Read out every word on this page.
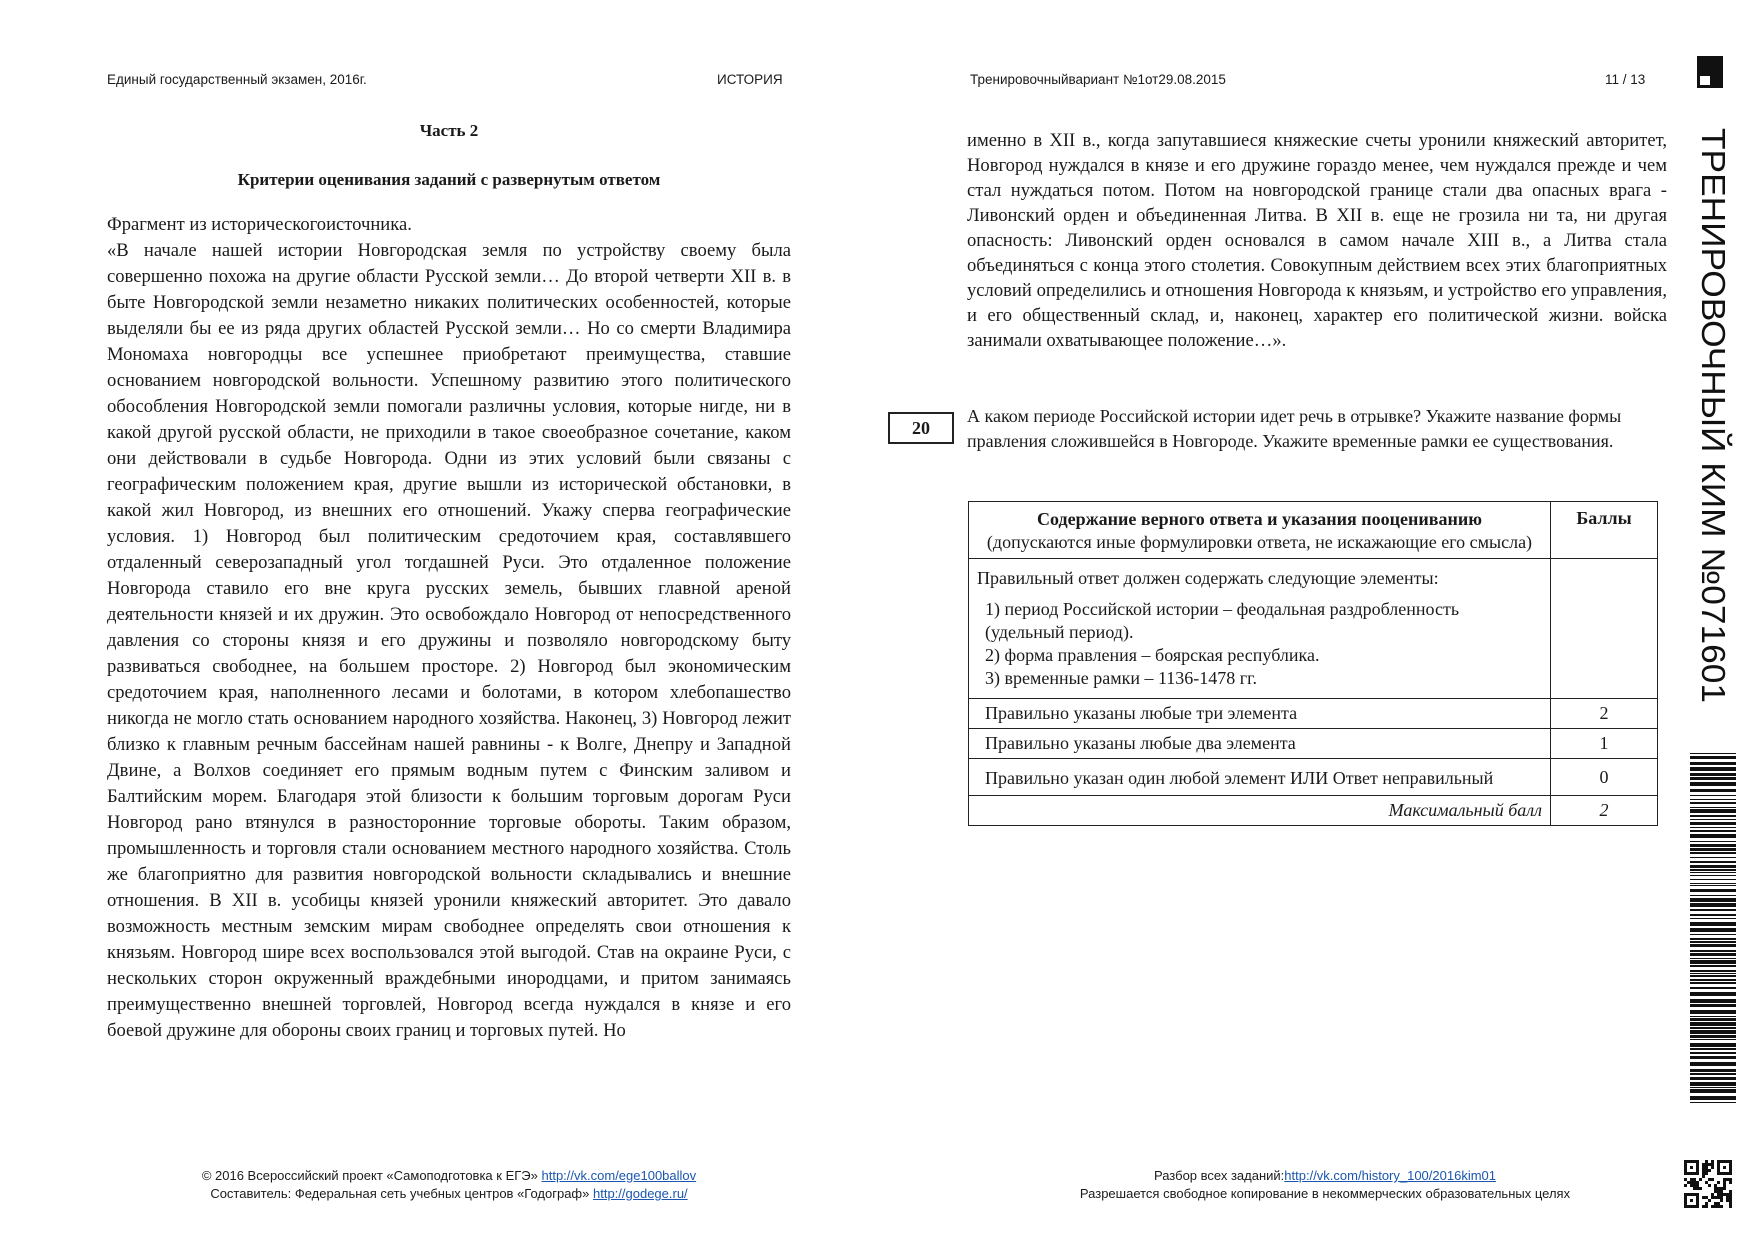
Единый государственный экзамен, 2016г.	ИСТОРИЯ	Тренировочныйвариант №1от29.08.2015	11 / 13
Часть 2
Критерии оценивания заданий с развернутым ответом
Фрагмент из историческогоисточника.

«В начале нашей истории Новгородская земля по устройству своему была совершенно похожа на другие области Русской земли… До второй четверти XII в. в быте Новгородской земли незаметно никаких политических особенностей, которые выделяли бы ее из ряда других областей Русской земли… Но со смерти Владимира Мономаха новгородцы все успешнее приобретают преимущества, ставшие основанием новгородской вольности. Успешному развитию этого политического обособления Новгородской земли помогали различны условия, которые нигде, ни в какой другой русской области, не приходили в такое своеобразное сочетание, каком они действовали в судьбе Новгорода. Одни из этих условий были связаны с географическим положением края, другие вышли из исторической обстановки, в какой жил Новгород, из внешних его отношений. Укажу сперва географические условия. 1) Новгород был политическим средоточием края, составлявшего отдаленный северозападный угол тогдашней Руси. Это отдаленное положение Новгорода ставило его вне круга русских земель, бывших главной ареной деятельности князей и их дружин. Это освобождало Новгород от непосредственного давления со стороны князя и его дружины и позволяло новгородскому быту развиваться свободнее, на большем просторе. 2) Новгород был экономическим средоточием края, наполненного лесами и болотами, в котором хлебопашество никогда не могло стать основанием народного хозяйства. Наконец, 3) Новгород лежит близко к главным речным бассейнам нашей равнины - к Волге, Днепру и Западной Двине, а Волхов соединяет его прямым водным путем с Финским заливом и Балтийским морем. Благодаря этой близости к большим торговым дорогам Руси Новгород рано втянулся в разносторонние торговые обороты. Таким образом, промышленность и торговля стали основанием местного народного хозяйства. Столь же благоприятно для развития новгородской вольности складывались и внешние отношения. В XII в. усобицы князей уронили княжеский авторитет. Это давало возможность местным земским мирам свободнее определять свои отношения к князьям. Новгород шире всех воспользовался этой выгодой. Став на окраине Руси, с нескольких сторон окруженный враждебными инородцами, и притом занимаясь преимущественно внешней торговлей, Новгород всегда нуждался в князе и его боевой дружине для обороны своих границ и торговых путей. Но

именно в XII в., когда запутавшиеся княжеские счеты уронили княжеский авторитет, Новгород нуждался в князе и его дружине гораздо менее, чем нуждался прежде и чем стал нуждаться потом. Потом на новгородской границе стали два опасных врага - Ливонский орден и объединенная Литва. В XII в. еще не грозила ни та, ни другая опасность: Ливонский орден основался в самом начале XIII в., а Литва стала объединяться с конца этого столетия. Совокупным действием всех этих благоприятных условий определились и отношения Новгорода к князьям, и устройство его управления, и его общественный склад, и, наконец, характер его политической жизни. войска занимали охватывающее положение…».

20
А каком периоде Российской истории идет речь в отрывке? Укажите название формы правления сложившейся в Новгороде. Укажите временные рамки ее существования.
Содержание верного ответа и указания пооцениванию
(допускаются иные формулировки ответа, не искажающие его смысла)	Баллы

Правильный ответ должен содержать следующие элементы:
1) период Российской истории – феодальная раздробленность (удельный период).
2) форма правления – боярская республика.
3) временные рамки – 1136-1478 гг.	

Правильно указаны любые три элемента	2
Правильно указаны любые два элемента	1
Правильно указан один любой элемент ИЛИ Ответ неправильный	0
Максимальный балл	2
© 2016 Всероссийский проект «Самоподготовка к ЕГЭ» http://vk.com/ege100ballov
Составитель: Федеральная сеть учебных центров «Годограф» http://godege.ru/
Разбор всех заданий:http://vk.com/history_100/2016kim01
Разрешается свободное копирование в некоммерческих образовательных целях
ТРЕНИРОВОЧНЫЙ КИМ №071601
